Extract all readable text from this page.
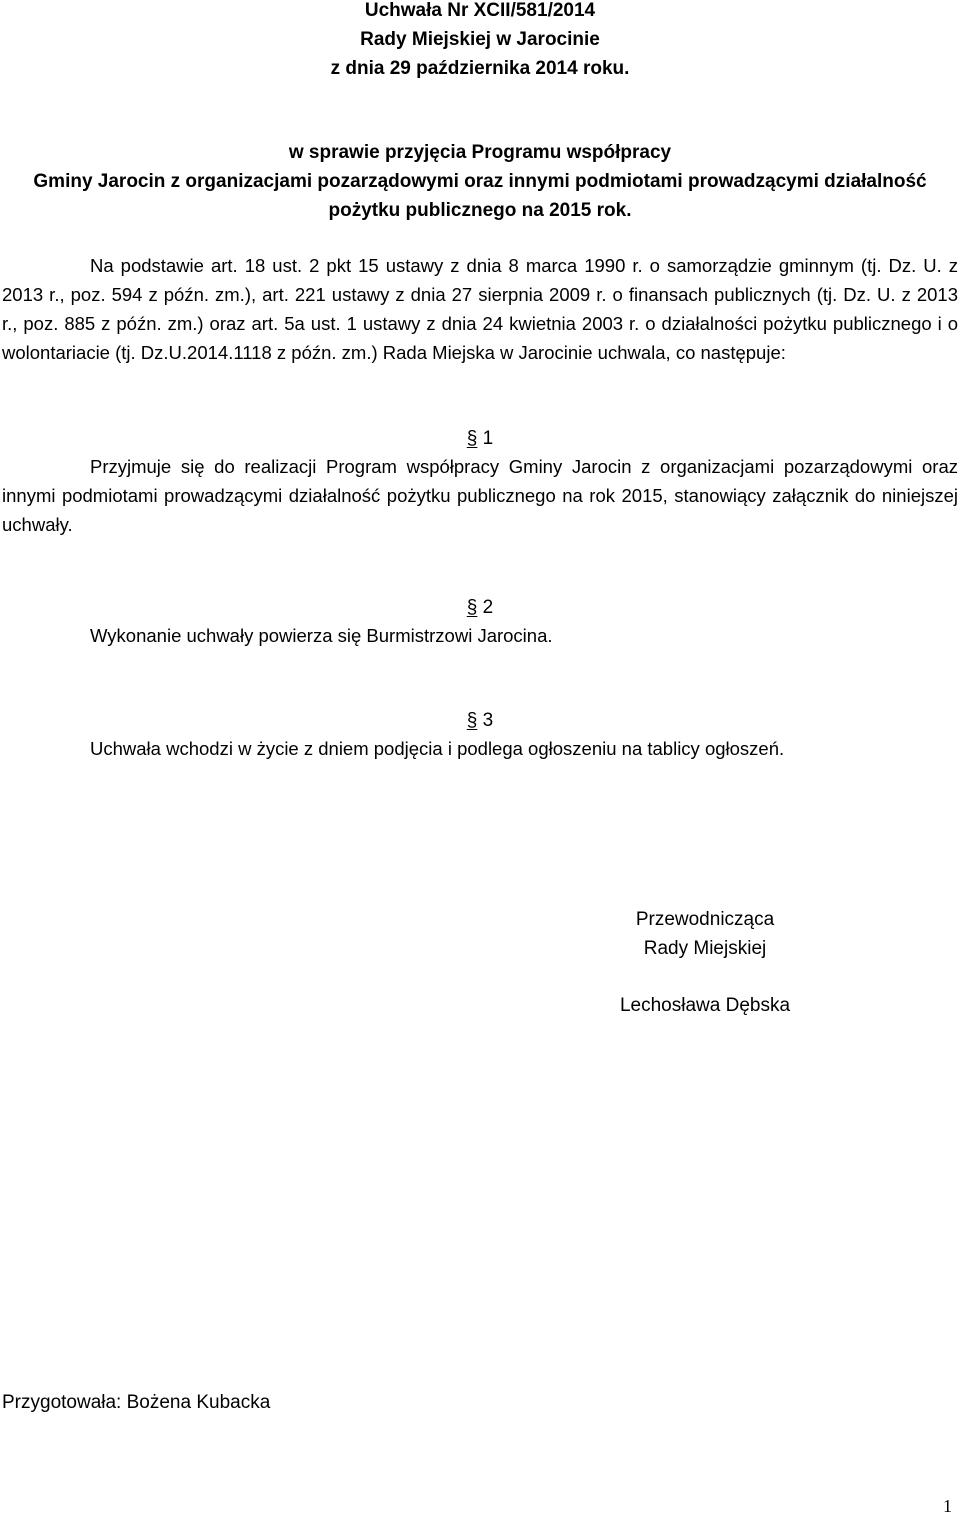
Uchwała Nr XCII/581/2014
Rady Miejskiej w Jarocinie
z dnia 29 października 2014 roku.
w sprawie przyjęcia Programu współpracy
Gminy Jarocin z organizacjami pozarządowymi oraz innymi podmiotami prowadzącymi działalność
pożytku publicznego na 2015 rok.
Na podstawie art. 18 ust. 2 pkt 15 ustawy z dnia 8 marca 1990 r. o samorządzie gminnym (tj. Dz. U. z 2013 r., poz. 594 z późn. zm.), art. 221 ustawy z dnia 27 sierpnia 2009 r. o finansach publicznych (tj. Dz. U. z 2013 r., poz. 885 z późn. zm.) oraz art. 5a ust. 1 ustawy z dnia 24 kwietnia 2003 r. o działalności pożytku publicznego i o wolontariacie (tj. Dz.U.2014.1118 z późn. zm.) Rada Miejska w Jarocinie uchwala, co następuje:
§ 1
Przyjmuje się do realizacji Program współpracy Gminy Jarocin z organizacjami pozarządowymi oraz innymi podmiotami prowadzącymi działalność pożytku publicznego na rok 2015, stanowiący załącznik do niniejszej uchwały.
§ 2
Wykonanie uchwały powierza się Burmistrzowi Jarocina.
§ 3
Uchwała wchodzi w życie z dniem podjęcia i podlega ogłoszeniu na tablicy ogłoszeń.
Przewodnicząca
Rady Miejskiej
Lechosława Dębska
Przygotowała: Bożena Kubacka
1
